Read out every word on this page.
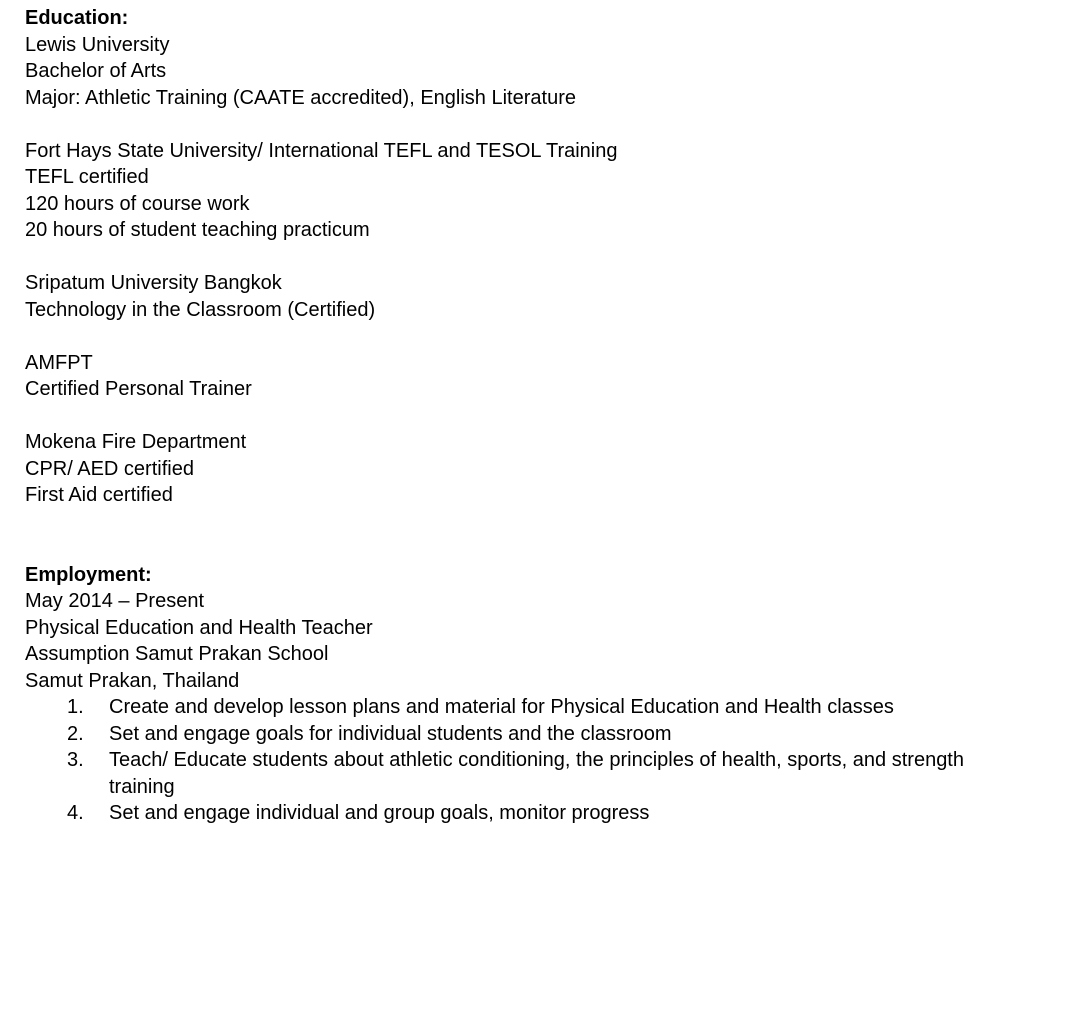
Education:
Lewis University
Bachelor of Arts
Major: Athletic Training (CAATE accredited), English Literature
Fort Hays State University/ International TEFL and TESOL Training
TEFL certified
120 hours of course work
20 hours of student teaching practicum
Sripatum University Bangkok
Technology in the Classroom (Certified)
AMFPT
Certified Personal Trainer
Mokena Fire Department
CPR/ AED certified
First Aid certified
Employment:
May 2014 – Present
Physical Education and Health Teacher
Assumption Samut Prakan School
Samut Prakan, Thailand
1. Create and develop lesson plans and material for Physical Education and Health classes
2. Set and engage goals for individual students and the classroom
3. Teach/ Educate students about athletic conditioning, the principles of health, sports, and strength training
4. Set and engage individual and group goals, monitor progress
